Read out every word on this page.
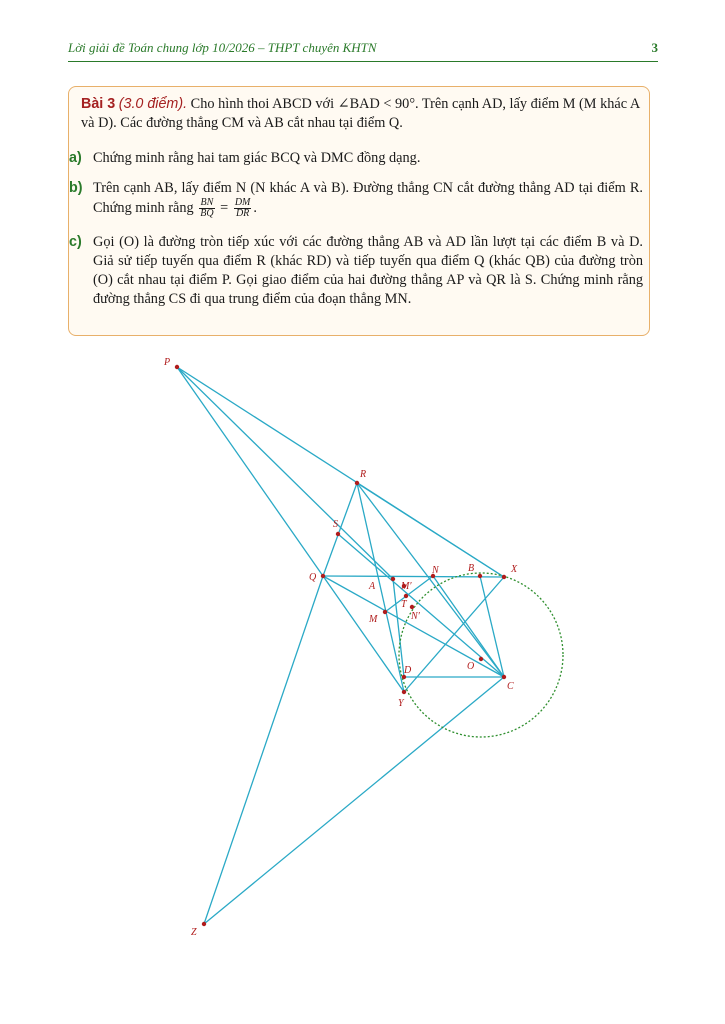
Lời giải đề Toán chung lớp 10/2026 – THPT chuyên KHTN	3
Bài 3 (3.0 điểm). Cho hình thoi ABCD với ∠BAD < 90°. Trên cạnh AD, lấy điểm M (M khác A và D). Các đường thẳng CM và AB cắt nhau tại điểm Q.
a) Chứng minh rằng hai tam giác BCQ và DMC đồng dạng.
b) Trên cạnh AB, lấy điểm N (N khác A và B). Đường thẳng CN cắt đường thẳng AD tại điểm R. Chứng minh rằng $\frac{BN}{BQ} = \frac{DM}{DR}$ .
c) Gọi (O) là đường tròn tiếp xúc với các đường thẳng AB và AD lần lượt tại các điểm B và D. Giả sử tiếp tuyến qua điểm R (khác RD) và tiếp tuyến qua điểm Q (khác QB) của đường tròn (O) cắt nhau tại điểm P. Gọi giao điểm của hai đường thẳng AP và QR là S. Chứng minh rằng đường thẳng CS đi qua trung điểm của đoạn thẳng MN.
P
R
S
Q
A	M′
N	B	X
T
N′
M
O
D
C
Y
Z
